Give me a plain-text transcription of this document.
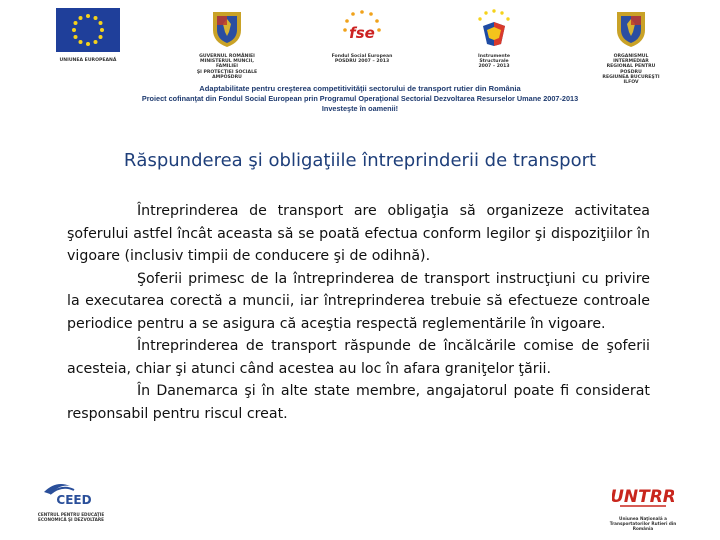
UNIUNEA EUROPEANĂ
GUVERNUL ROMÂNIEI
MINISTERUL MUNCII, FAMILIEI
ŞI PROTECŢIEI SOCIALE
AMPOSDRU
fse
Fondul Social European
POSDRU 2007 – 2013
Instrumente Structurale
2007 – 2013
ORGANISMUL INTERMEDIAR
REGIONAL PENTRU POSDRU
REGIUNEA BUCUREŞTI ILFOV
Adaptabilitate pentru creşterea competitivităţii sectorului de transport rutier din România
Proiect cofinanţat din Fondul Social European prin Programul Operaţional Sectorial Dezvoltarea Resurselor Umane 2007-2013
Investeşte în oamenii!
Răspunderea şi obligaţiile întreprinderii de transport

Întreprinderea de transport are obligaţia să organizeze activitatea şoferului astfel încât aceasta să se poată efectua conform legilor şi dispoziţiilor în vigoare (inclusiv timpii de conducere şi de odihnă).

Şoferii primesc de la întreprinderea de transport instrucţiuni cu privire la executarea corectă a muncii, iar întreprinderea trebuie să efectueze controale periodice pentru a se asigura că aceştia respectă reglementările în vigoare.

Întreprinderea de transport răspunde de încălcările comise de şoferii acesteia, chiar şi atunci când acestea au loc în afara graniţelor ţării.

În Danemarca şi în alte state membre, angajatorul poate fi considerat responsabil pentru riscul creat.

CEED
CENTRUL PENTRU EDUCAŢIE
ECONOMICĂ ŞI DEZVOLTARE
UNTRR
Uniunea Naţională a
Transportatorilor Rutieri din
România
